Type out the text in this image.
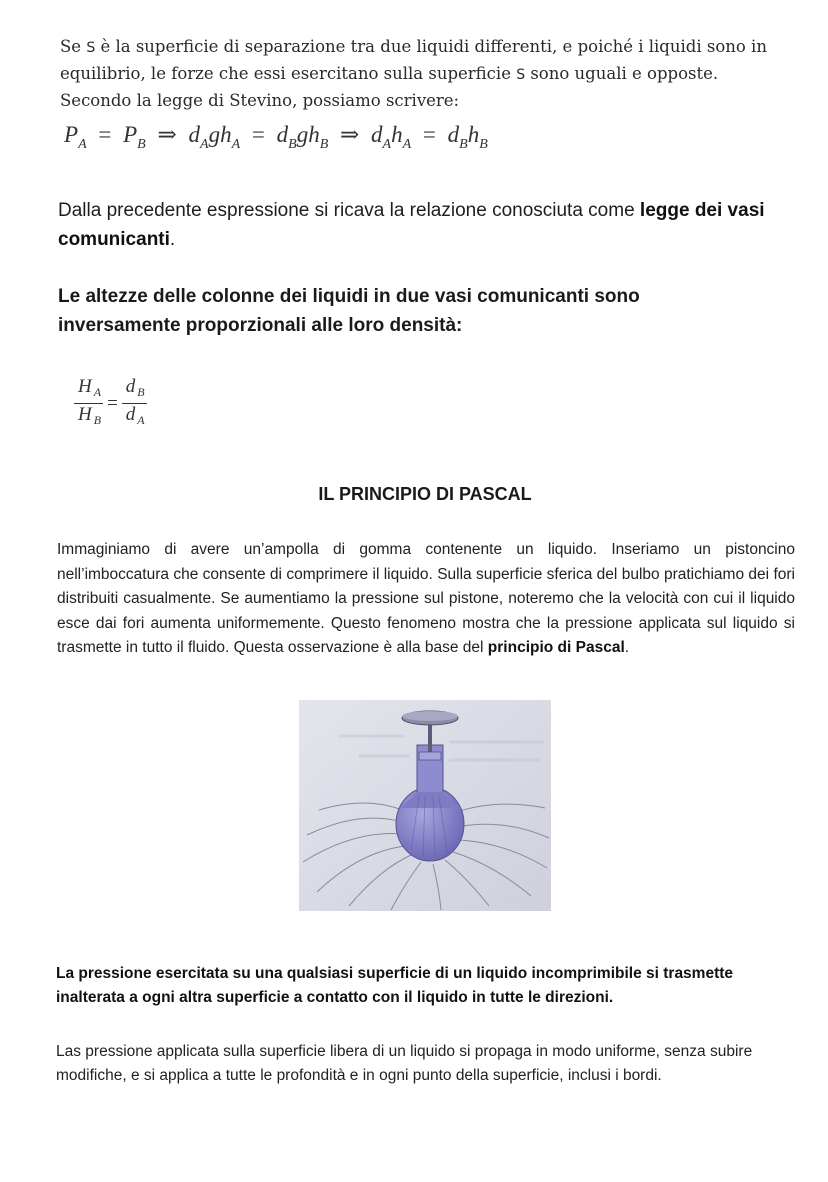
Se S è la superficie di separazione tra due liquidi differenti, e poiché i liquidi sono in equilibrio, le forze che essi esercitano sulla superficie S sono uguali e opposte. Secondo la legge di Stevino, possiamo scrivere:
$P_A = P_B$ ⇒ $d_Agh_A = d_Bgh_B$ ⇒ $d_Ah_A = d_Bh_B$
Dalla precedente espressione si ricava la relazione conosciuta come legge dei vasi comunicanti.
Le altezze delle colonne dei liquidi in due vasi comunicanti sono inversamente proporzionali alle loro densità:
$\frac{H _A}{H _B} = \frac{d _B}{d _A}$
IL PRINCIPIO DI PASCAL
Immaginiamo di avere un’ampolla di gomma contenente un liquido. Inseriamo un pistoncino nell’imboccatura che consente di comprimere il liquido. Sulla superficie sferica del bulbo pratichiamo dei fori distribuiti casualmente. Se aumentiamo la pressione sul pistone, noteremo che la velocità con cui il liquido esce dai fori aumenta uniformemente. Questo fenomeno mostra che la pressione applicata sul liquido si trasmette in tutto il fluido. Questa osservazione è alla base del principio di Pascal.
La pressione esercitata su una qualsiasi superficie di un liquido incomprimibile si trasmette inalterata a ogni altra superficie a contatto con il liquido in tutte le direzioni.
Las pressione applicata sulla superficie libera di un liquido si propaga in modo uniforme, senza subire modifiche, e si applica a tutte le profondità e in ogni punto della superficie, inclusi i bordi.
